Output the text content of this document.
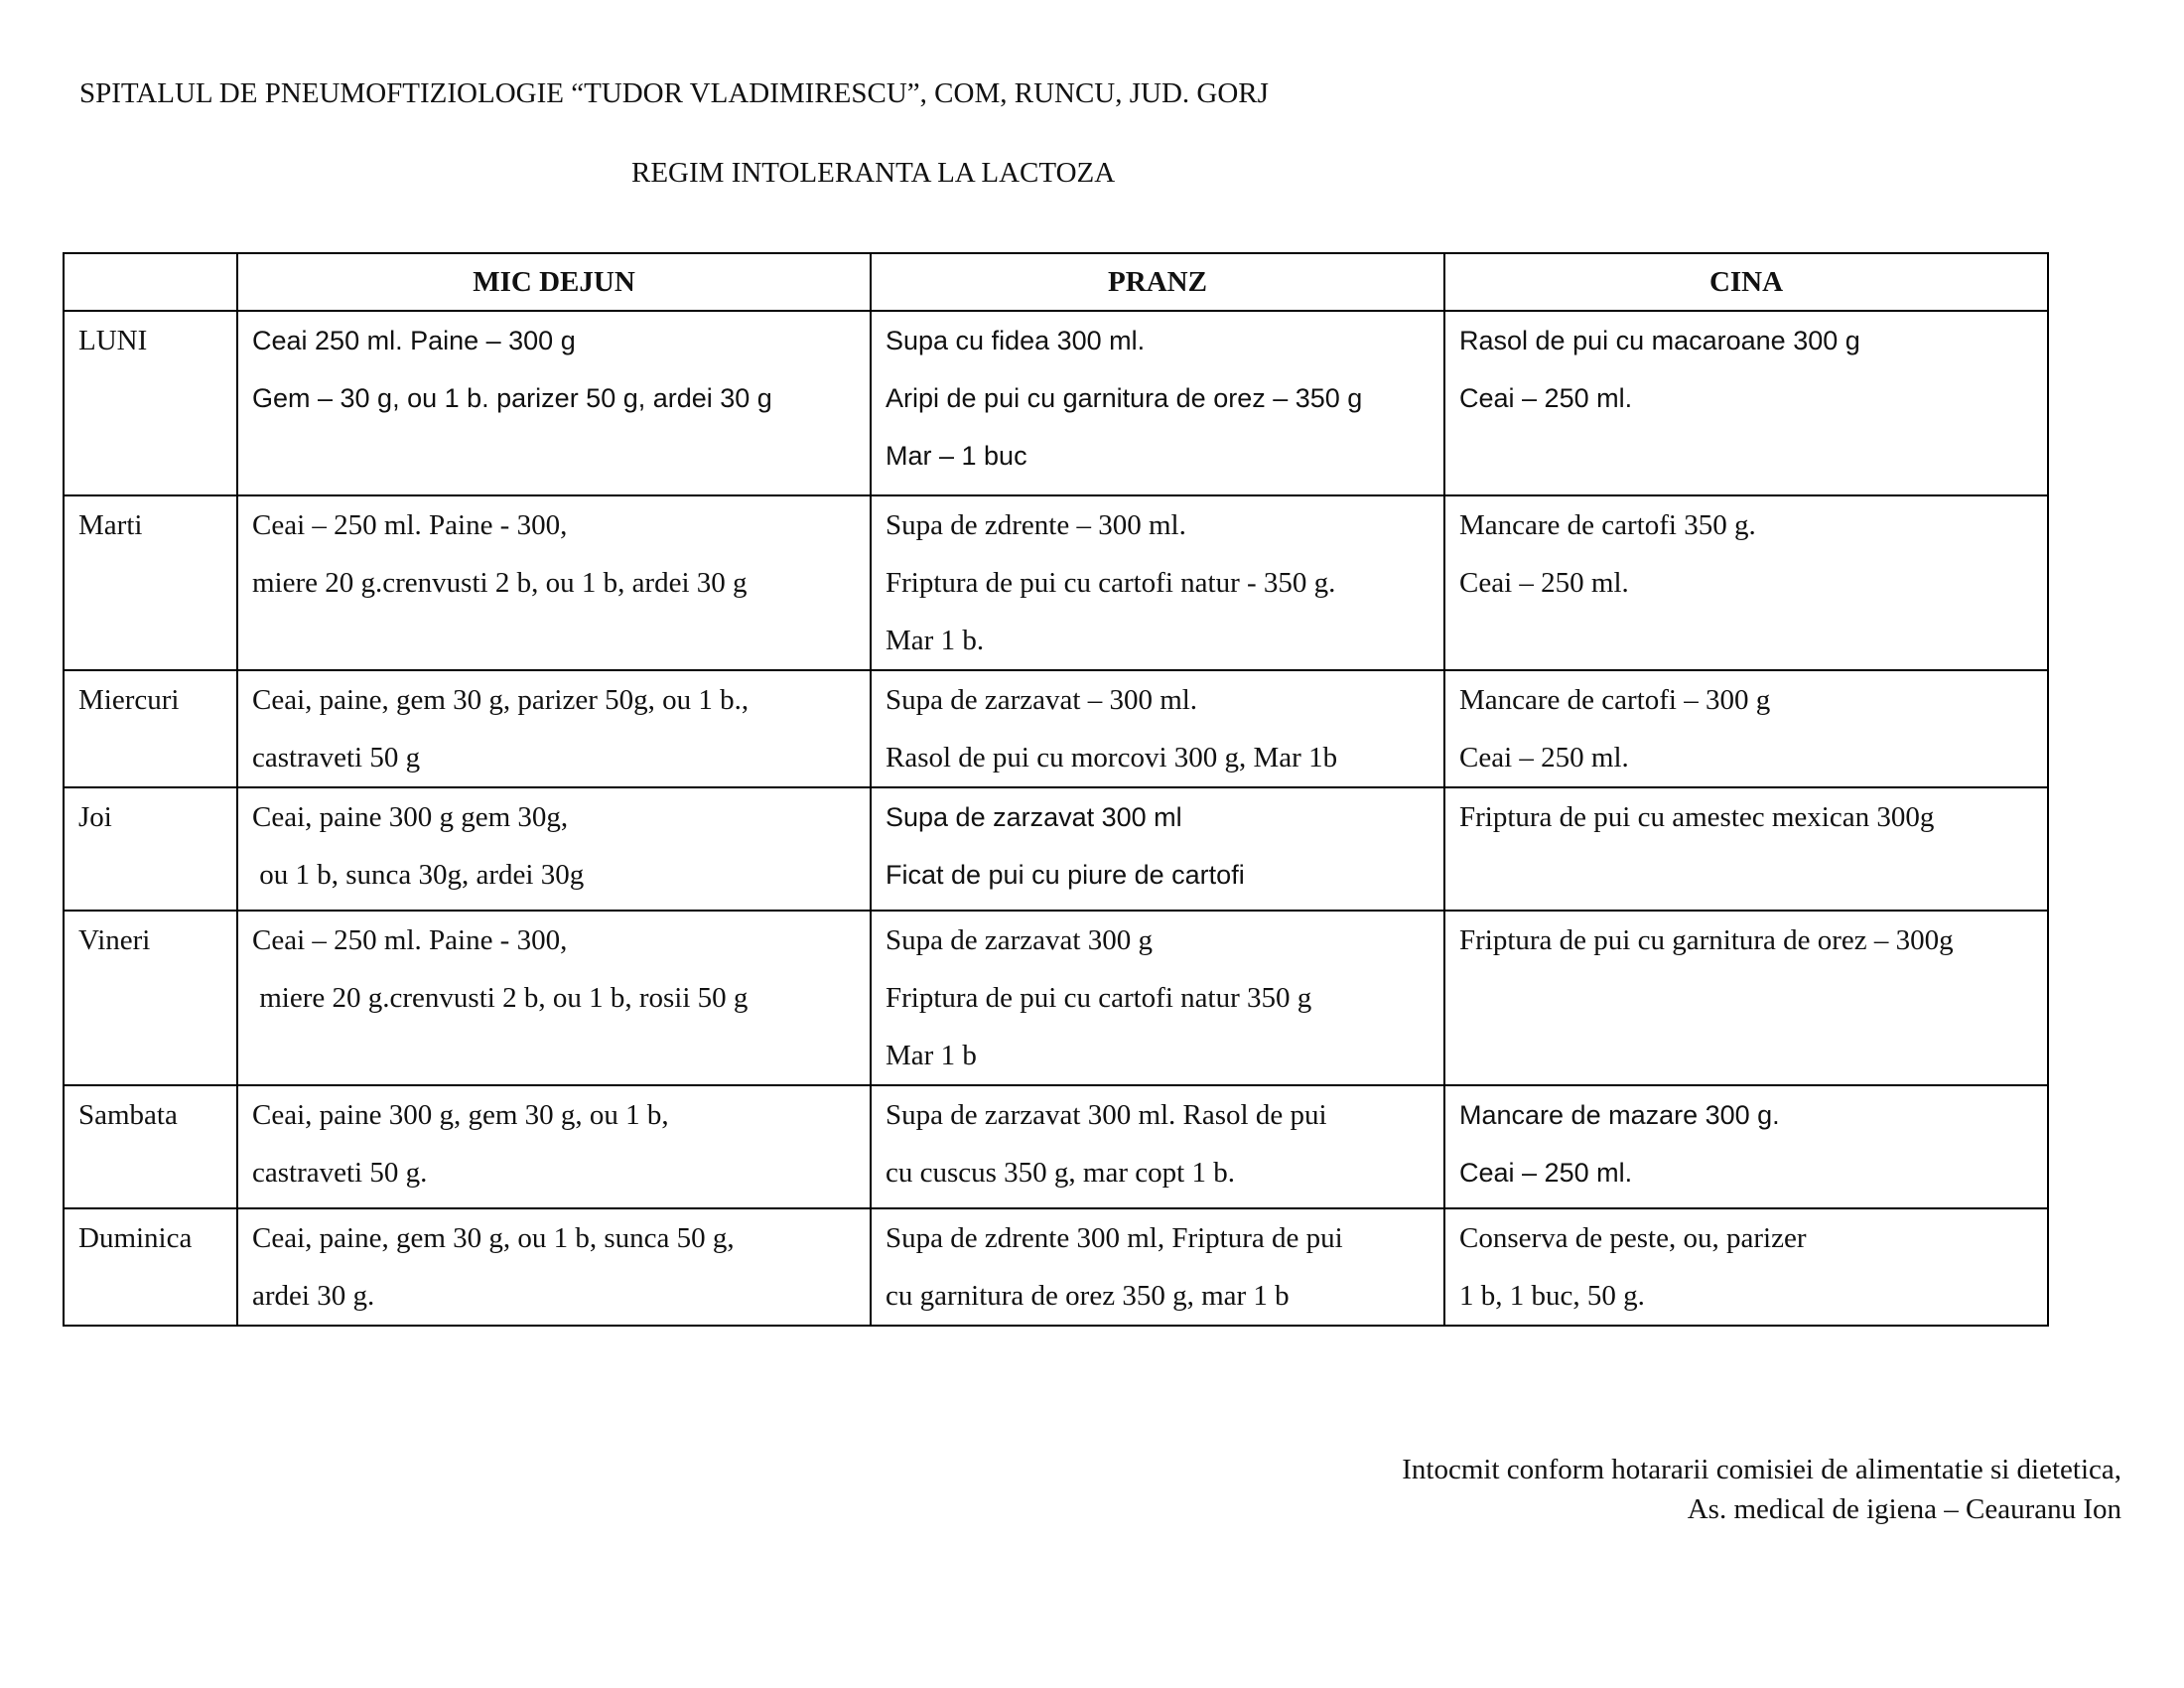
SPITALUL DE PNEUMOFTIZIOLOGIE “TUDOR VLADIMIRESCU”, COM, RUNCU, JUD. GORJ
REGIM INTOLERANTA LA LACTOZA
	MIC DEJUN	PRANZ	CINA

LUNI	Ceai 250 ml. Paine – 300 g
Gem – 30 g, ou 1 b. parizer 50 g, ardei 30 g	Supa cu fidea 300 ml.
Aripi de pui cu garnitura de orez – 350 g
Mar – 1 buc	Rasol de pui cu macaroane 300 g
Ceai – 250 ml.

Marti	Ceai – 250 ml. Paine - 300,
miere 20 g.crenvusti 2 b, ou 1 b, ardei 30 g	Supa de zdrente – 300 ml.
Friptura de pui cu cartofi natur - 350 g.
Mar 1 b.	Mancare de cartofi 350 g.
Ceai – 250 ml.

Miercuri	Ceai, paine, gem 30 g, parizer 50g, ou 1 b.,
castraveti 50 g	Supa de zarzavat – 300 ml.
Rasol de pui cu morcovi 300 g, Mar 1b	Mancare de cartofi – 300 g
Ceai – 250 ml.

Joi	Ceai, paine 300 g gem 30g,
ou 1 b, sunca 30g, ardei 30g	Supa de zarzavat 300 ml
Ficat de pui cu piure de cartofi	Friptura de pui cu amestec mexican 300g

Vineri	Ceai – 250 ml. Paine - 300,
miere 20 g.crenvusti 2 b, ou 1 b, rosii 50 g	Supa de zarzavat 300 g
Friptura de pui cu cartofi natur 350 g
Mar 1 b	Friptura de pui cu garnitura de orez – 300g

Sambata	Ceai, paine 300 g, gem 30 g, ou 1 b,
castraveti 50 g.	Supa de zarzavat 300 ml. Rasol de pui
cu cuscus 350 g, mar copt 1 b.	Mancare de mazare 300 g.
Ceai – 250 ml.

Duminica	Ceai, paine, gem 30 g, ou 1 b, sunca 50 g,
ardei 30 g.	Supa de zdrente 300 ml, Friptura de pui
cu garnitura de orez 350 g, mar 1 b	Conserva de peste, ou, parizer
1 b, 1 buc, 50 g.
Intocmit conform hotararii comisiei de alimentatie si dietetica,
As. medical de igiena – Ceauranu Ion
